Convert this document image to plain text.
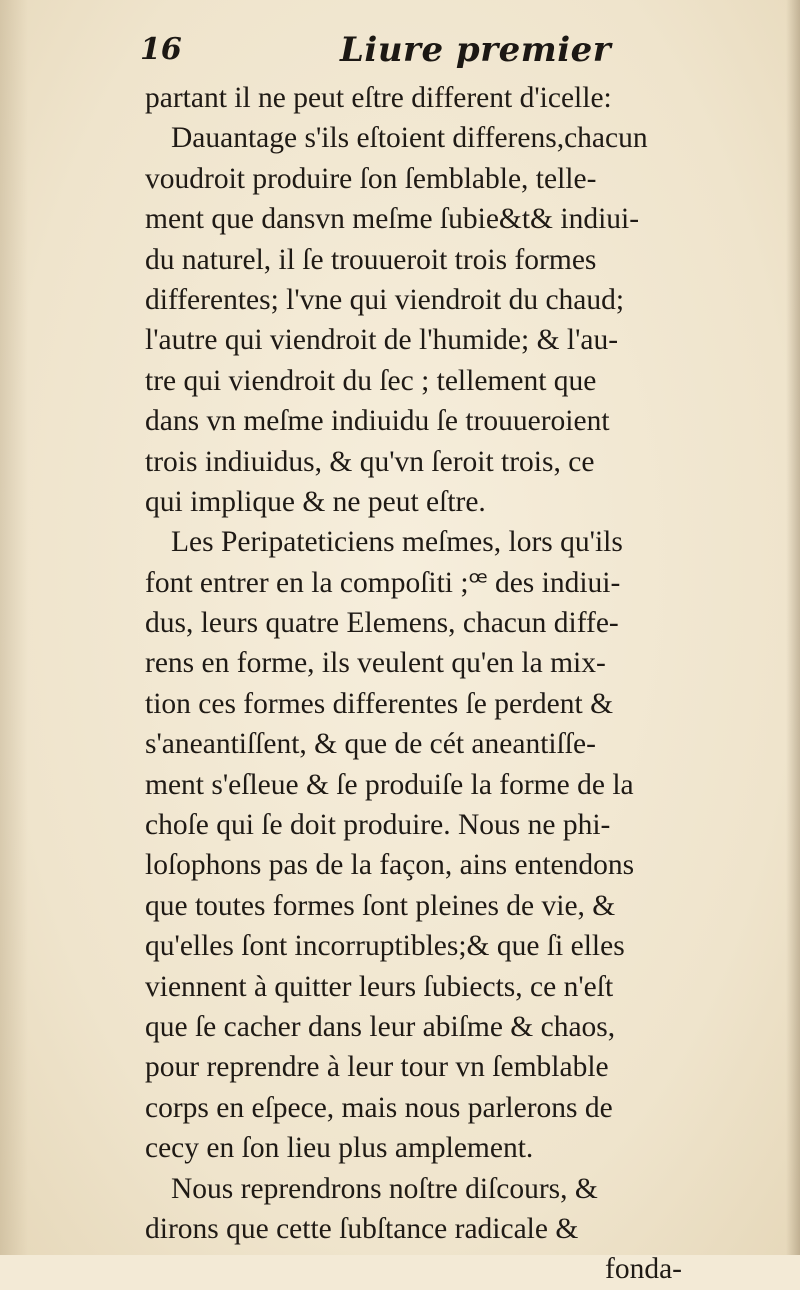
16	Liure premier
partant il ne peut eſtre different d'icelle:
Dauantage s'ils eſtoient differens,chacun
voudroit produire ſon ſemblable, telle-
ment que dansvn meſme ſubie&t& indiui-
du naturel, il ſe trouueroit trois formes
differentes; l'vne qui viendroit du chaud;
l'autre qui viendroit de l'humide; & l'au-
tre qui viendroit du ſec ; tellement que
dans vn meſme indiuidu ſe trouueroient
trois indiuidus, & qu'vn ſeroit trois, ce
qui implique & ne peut eſtre.
Les Peripateticiens meſmes, lors qu'ils
font entrer en la compoſiti ;ꟹ des indiui-
dus, leurs quatre Elemens, chacun diffe-
rens en forme, ils veulent qu'en la mix-
tion ces formes differentes ſe perdent &
s'aneantiſſent, & que de cét aneantiſſe-
ment s'eſleue & ſe produiſe la forme de la
choſe qui ſe doit produire. Nous ne phi-
loſophons pas de la façon, ains entendons
que toutes formes ſont pleines de vie, &
qu'elles ſont incorruptibles;& que ſi elles
viennent à quitter leurs ſubiects, ce n'eſt
que ſe cacher dans leur abiſme & chaos,
pour reprendre à leur tour vn ſemblable
corps en eſpece, mais nous parlerons de
cecy en ſon lieu plus amplement.
Nous reprendrons noſtre diſcours, &
dirons que cette ſubſtance radicale &
fonda-
